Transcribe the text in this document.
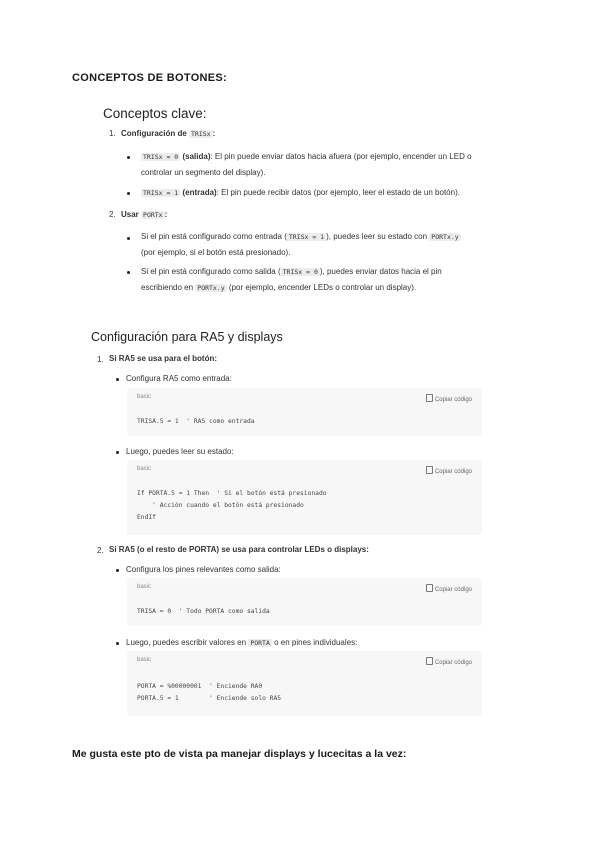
CONCEPTOS DE BOTONES:
Conceptos clave:
1. Configuración de TRISx :
TRISx = 0 (salida): El pin puede enviar datos hacia afuera (por ejemplo, encender un LED o
controlar un segmento del display).
TRISx = 1 (entrada): El pin puede recibir datos (por ejemplo, leer el estado de un botón).
2. Usar PORTx :
Si el pin está configurado como entrada ( TRISx = 1 ), puedes leer su estado con PORTx.y
(por ejemplo, si el botón está presionado).
Si el pin está configurado como salida ( TRISx = 0 ), puedes enviar datos hacia el pin
escribiendo en PORTx.y (por ejemplo, encender LEDs o controlar un display).
Configuración para RA5 y displays
1. Si RA5 se usa para el botón:
Configura RA5 como entrada:
basic	Copiar código
TRISA.5 = 1  ' RA5 como entrada
Luego, puedes leer su estado:
basic	Copiar código
If PORTA.5 = 1 Then  ' Si el botón está presionado
' Acción cuando el botón está presionado
EndIf
2. Si RA5 (o el resto de PORTA) se usa para controlar LEDs o displays:
Configura los pines relevantes como salida:
basic	Copiar código
TRISA = 0  ' Todo PORTA como salida
Luego, puedes escribir valores en PORTA o en pines individuales:
basic	Copiar código
PORTA = %00000001  ' Enciende RA0
PORTA.5 = 1        ' Enciende solo RA5
Me gusta este pto de vista pa manejar displays y lucecitas a la vez:
